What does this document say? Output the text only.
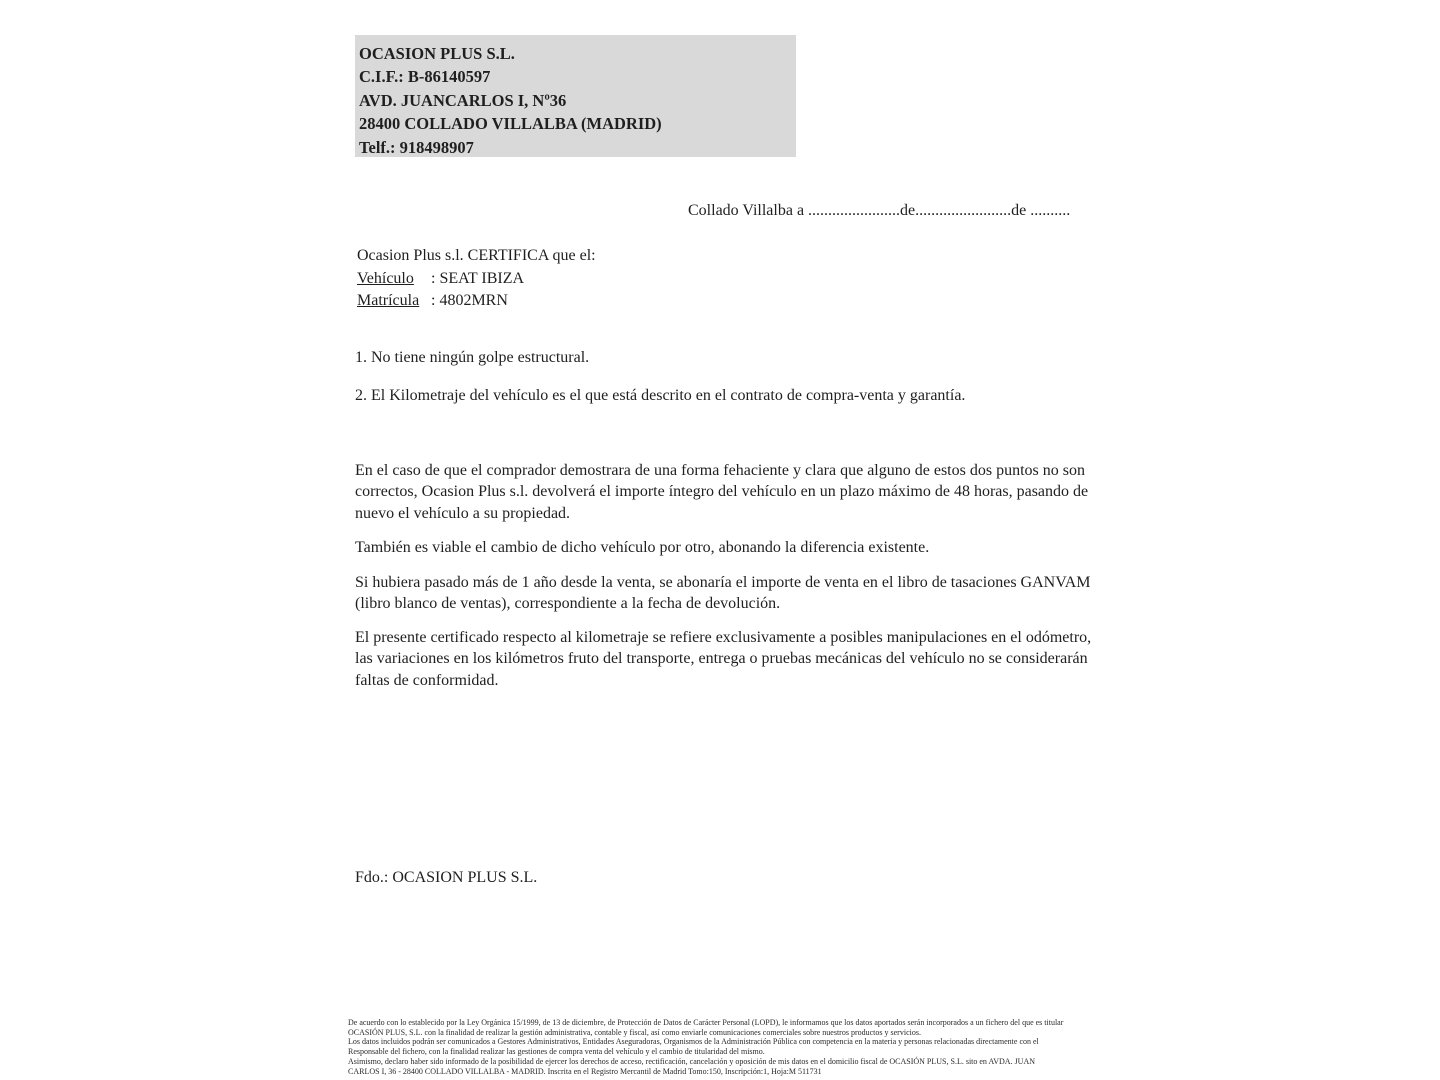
OCASION PLUS S.L.
C.I.F.: B-86140597
AVD. JUANCARLOS I, Nº36
28400 COLLADO VILLALBA (MADRID)
Telf.: 918498907
Collado Villalba a .......................de........................de ..........
Ocasion Plus s.l. CERTIFICA que el:
Vehículo : SEAT IBIZA
Matrícula : 4802MRN
1. No tiene ningún golpe estructural.
2. El Kilometraje del vehículo es el que está descrito en el contrato de compra-venta y garantía.
En el caso de que el comprador demostrara de una forma fehaciente y clara que alguno de estos dos puntos no son correctos, Ocasion Plus s.l. devolverá el importe íntegro del vehículo en un plazo máximo de 48 horas, pasando de nuevo el vehículo a su propiedad.
También es viable el cambio de dicho vehículo por otro, abonando la diferencia existente.
Si hubiera pasado más de 1 año desde la venta, se abonaría el importe de venta en el libro de tasaciones GANVAM (libro blanco de ventas), correspondiente a la fecha de devolución.
El presente certificado respecto al kilometraje se refiere exclusivamente a posibles manipulaciones en el odómetro, las variaciones en los kilómetros fruto del transporte, entrega o pruebas mecánicas del vehículo no se considerarán faltas de conformidad.
Fdo.: OCASION PLUS S.L.
De acuerdo con lo establecido por la Ley Orgánica 15/1999, de 13 de diciembre, de Protección de Datos de Carácter Personal (LOPD), le informamos que los datos aportados serán incorporados a un fichero del que es titular
OCASIÓN PLUS, S.L. con la finalidad de realizar la gestión administrativa, contable y fiscal, así como enviarle comunicaciones comerciales sobre nuestros productos y servicios.
Los datos incluidos podrán ser comunicados a Gestores Administrativos, Entidades Aseguradoras, Organismos de la Administración Pública con competencia en la materia y personas relacionadas directamente con el
Responsable del fichero, con la finalidad realizar las gestiones de compra venta del vehículo y el cambio de titularidad del mismo.
Asimismo, declaro haber sido informado de la posibilidad de ejercer los derechos de acceso, rectificación, cancelación y oposición de mis datos en el domicilio fiscal de OCASIÓN PLUS, S.L. sito en AVDA. JUAN
CARLOS I, 36 - 28400 COLLADO VILLALBA - MADRID. Inscrita en el Registro Mercantil de Madrid Tomo:150, Inscripción:1, Hoja:M 511731
